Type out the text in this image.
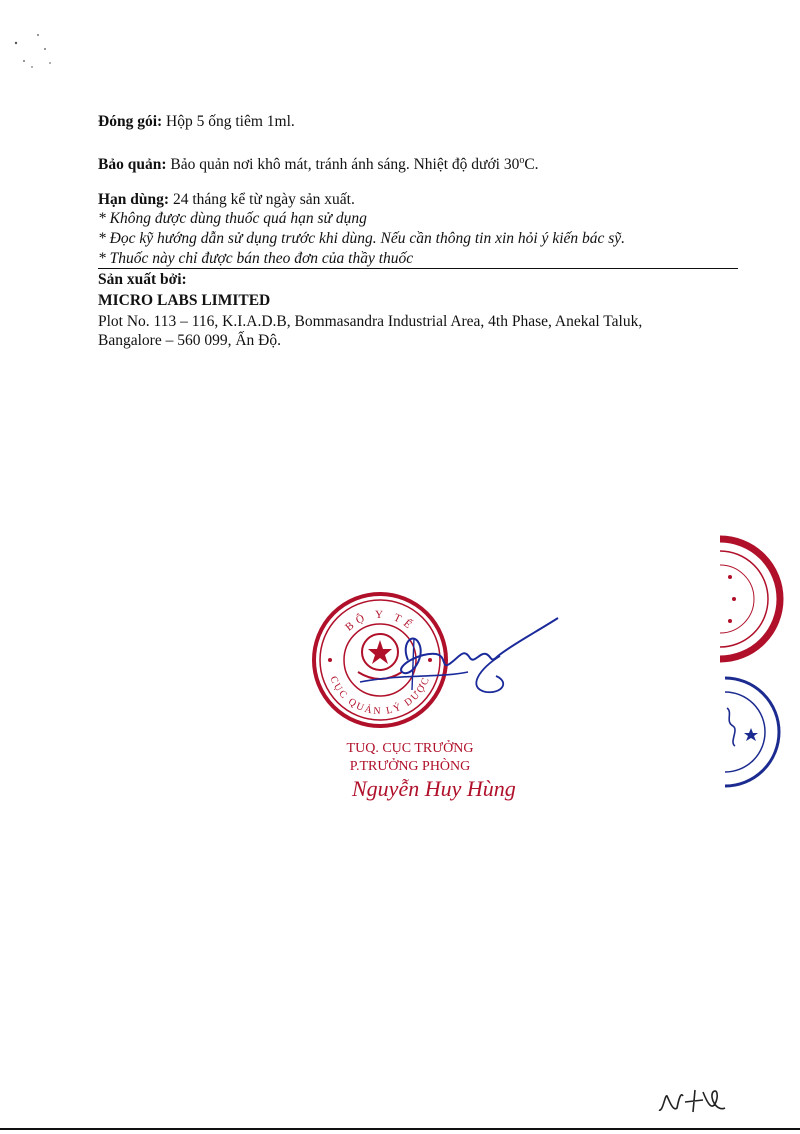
Đóng gói: Hộp 5 ống tiêm 1ml.
Bảo quản: Bảo quản nơi khô mát, tránh ánh sáng. Nhiệt độ dưới 30$^o$C.
Hạn dùng: 24 tháng kể từ ngày sản xuất.
* Không được dùng thuốc quá hạn sử dụng
* Đọc kỹ hướng dẫn sử dụng trước khi dùng. Nếu cần thông tin xin hỏi ý kiến bác sỹ.
* Thuốc này chỉ được bán theo đơn của thầy thuốc
Sản xuất bởi:
MICRO LABS LIMITED
Plot No. 113 – 116, K.I.A.D.B, Bommasandra Industrial Area, 4th Phase, Anekal Taluk,
Bangalore – 560 099, Ấn Độ.
BỘ Y TẾ
CỤC QUẢN LÝ DƯỢC
TUQ. CỤC TRƯỞNG
P.TRƯỞNG PHÒNG
Nguyễn Huy Hùng
